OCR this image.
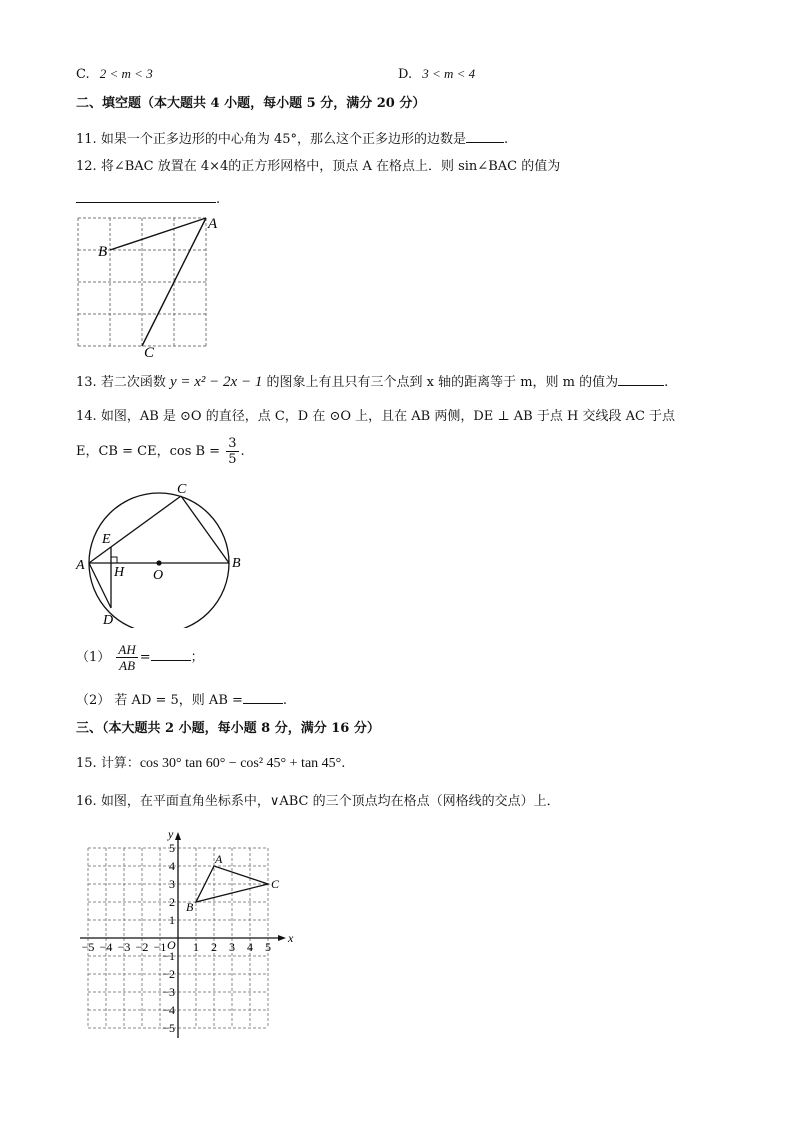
C. 2 < m < 3	D. 3 < m < 4
二、填空题（本大题共 4 小题，每小题 5 分，满分 20 分）
11. 如果一个正多边形的中心角为 45°，那么这个正多边形的边数是	.
12. 将∠BAC 放置在 4×4的正方形网格中，顶点 A 在格点上．则 sin∠BAC 的值为
.
A
B
C
13. 若二次函数 y = x² − 2x − 1 的图象上有且只有三个点到 x 轴的距离等于 m，则 m 的值为	.
14. 如图，AB 是 ⊙O 的直径，点 C，D 在 ⊙O 上，且在 AB 两侧，DE ⊥ AB 于点 H 交线段 AC 于点
E，CB = CE，$\cos B = \frac{3}{5}$ .
A	B
C
D
E
H O
$(1) \frac{AH}{AB}$ =	；
（2） 若 AD = 5，则 AB =	.
三、（本大题共 2 小题，每小题 8 分，满分 16 分）
15. 计算：cos 30° tan 60° − cos² 45° + tan 45°.
16. 如图，在平面直角坐标系中，∨ABC 的三个顶点均在格点（网格线的交点）上．
x
y
O
−5 −4 −3 −2 −1 1 2 3 4 5
5
4
3
2
1
−1
−2
−3
−4
−5
A
B
C
